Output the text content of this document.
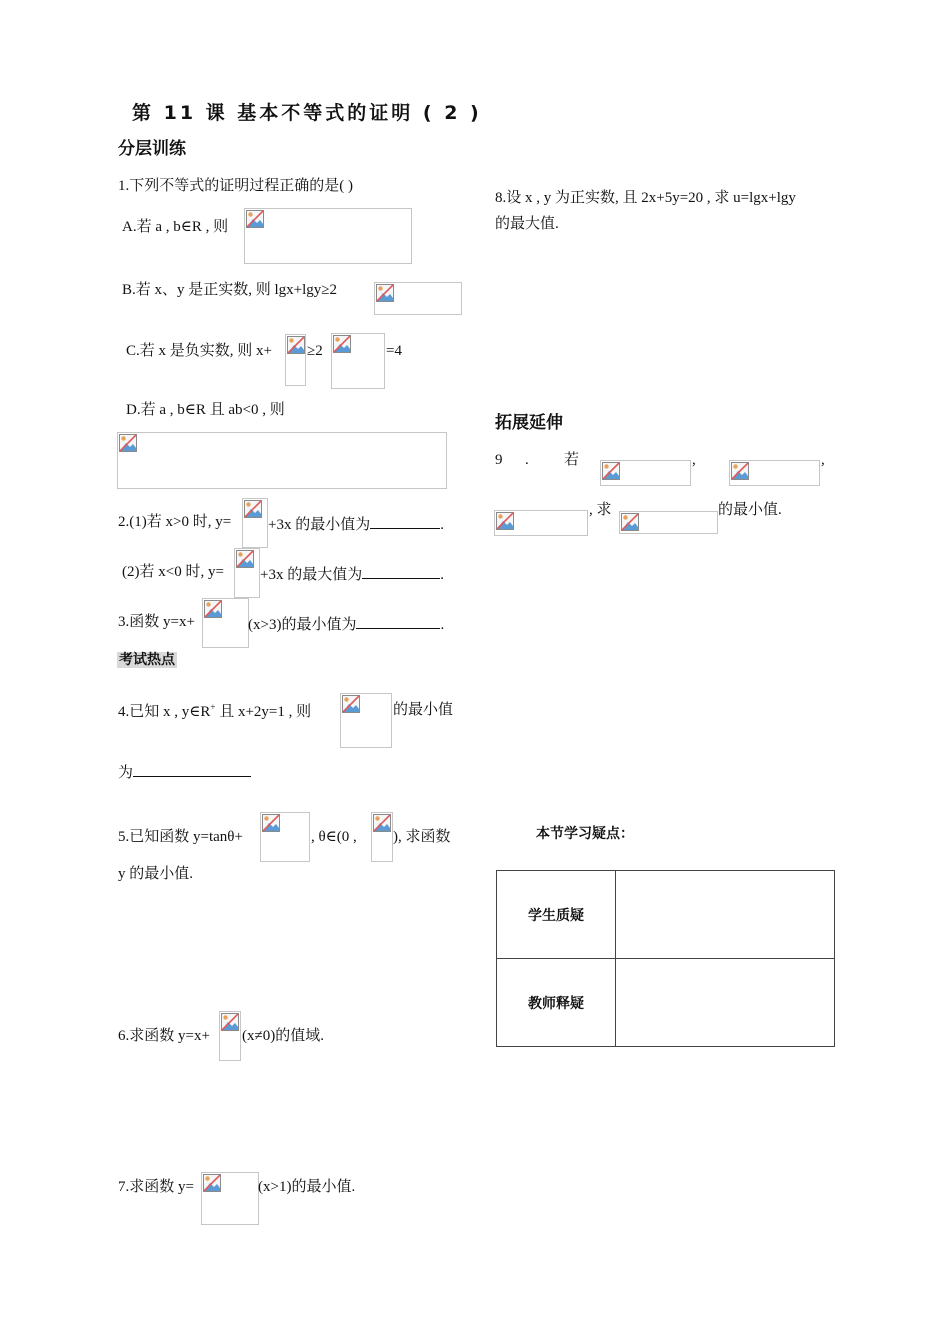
第 11 课 基本不等式的证明 ( 2 )
分层训练
1.下列不等式的证明过程正确的是( )
A.若 a , b∈R , 则
B.若 x、y 是正实数, 则 lgx+lgy≥2
C.若 x 是负实数, 则 x+ ≥2	=4
D.若 a , b∈R 且 ab<0 , 则
2.(1)若 x>0 时, y= +3x 的最小值为	.
(2)若 x<0 时, y= +3x 的最大值为	.
3.函数 y=x+	(x>3)的最小值为	.
考试热点
4.已知 x , y∈R+ 且 x+2y=1 , 则	的最小值
为
5.已知函数 y=tanθ+	, θ∈(0 , ), 求函数
y 的最小值.
6.求函数 y=x+ (x≠0)的值域.
7.求函数 y=	(x>1)的最小值.
8.设 x , y 为正实数, 且 2x+5y=20 , 求 u=lgx+lgy
的最大值.
拓展延伸
9 . 若	,	,
, 求	的最小值.
本节学习疑点：
学生质疑	
教师释疑	
